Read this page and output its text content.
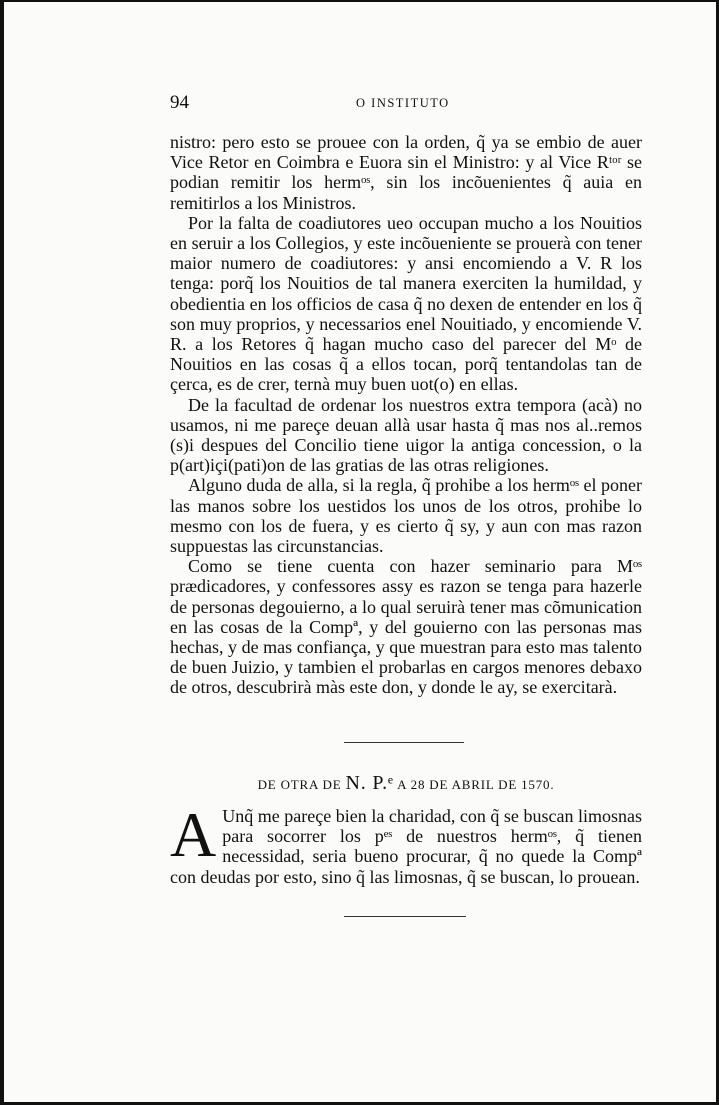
94	O INSTITUTO

nistro: pero esto se prouee con la orden, q̃ ya se embio de auer Vice Retor en Coimbra e Euora sin el Ministro: y al Vice Rᵗᵒʳ se podian remitir los hermᵒˢ, sin los incõuenientes q̃ auia en remitirlos a los Ministros.

Por la falta de coadiutores ueo occupan mucho a los Nouitios en seruir a los Collegios, y este incõueniente se prouerà con tener maior numero de coadiutores: y ansi encomiendo a V. R los tenga: porq̃ los Nouitios de tal manera exerciten la humildad, y obedientia en los officios de casa q̃ no dexen de entender en los q̃ son muy proprios, y necessarios enel Nouitiado, y encomiende V. R. a los Retores q̃ hagan mucho caso del parecer del Mᵒ de Nouitios en las cosas q̃ a ellos tocan, porq̃ tentandolas tan de çerca, es de crer, ternà muy buen uot(o) en ellas.

De la facultad de ordenar los nuestros extra tempora (acà) no usamos, ni me pareçe deuan allà usar hasta q̃ mas nos al..remos (s)i despues del Concilio tiene uigor la antiga concession, o la p(art)içi(pati)on de las gratias de las otras religiones.

Alguno duda de alla, si la regla, q̃ prohibe a los hermᵒˢ el poner las manos sobre los uestidos los unos de los otros, prohibe lo mesmo con los de fuera, y es cierto q̃ sy, y aun con mas razon suppuestas las circunstancias.

Como se tiene cuenta con hazer seminario para Mᵒˢ prædicadores, y confessores assy es razon se tenga para hazerle de personas degouierno, a lo qual seruirà tener mas cõmunication en las cosas de la Compª, y del gouierno con las personas mas hechas, y de mas confiança, y que muestran para esto mas talento de buen Juizio, y tambien el probarlas en cargos menores debaxo de otros, descubrirà màs este don, y donde le ay, se exercitarà.

DE OTRA DE N. P.ᵉ A 28 DE ABRIL DE 1570.
A Unq̃ me pareçe bien la charidad, con q̃ se buscan limosnas para socorrer los pᵉˢ de nuestros hermᵒˢ, q̃ tienen necessidad, seria bueno procurar, q̃ no quede la Compª con deudas por esto, sino q̃ las limosnas, q̃ se buscan, lo prouean.
